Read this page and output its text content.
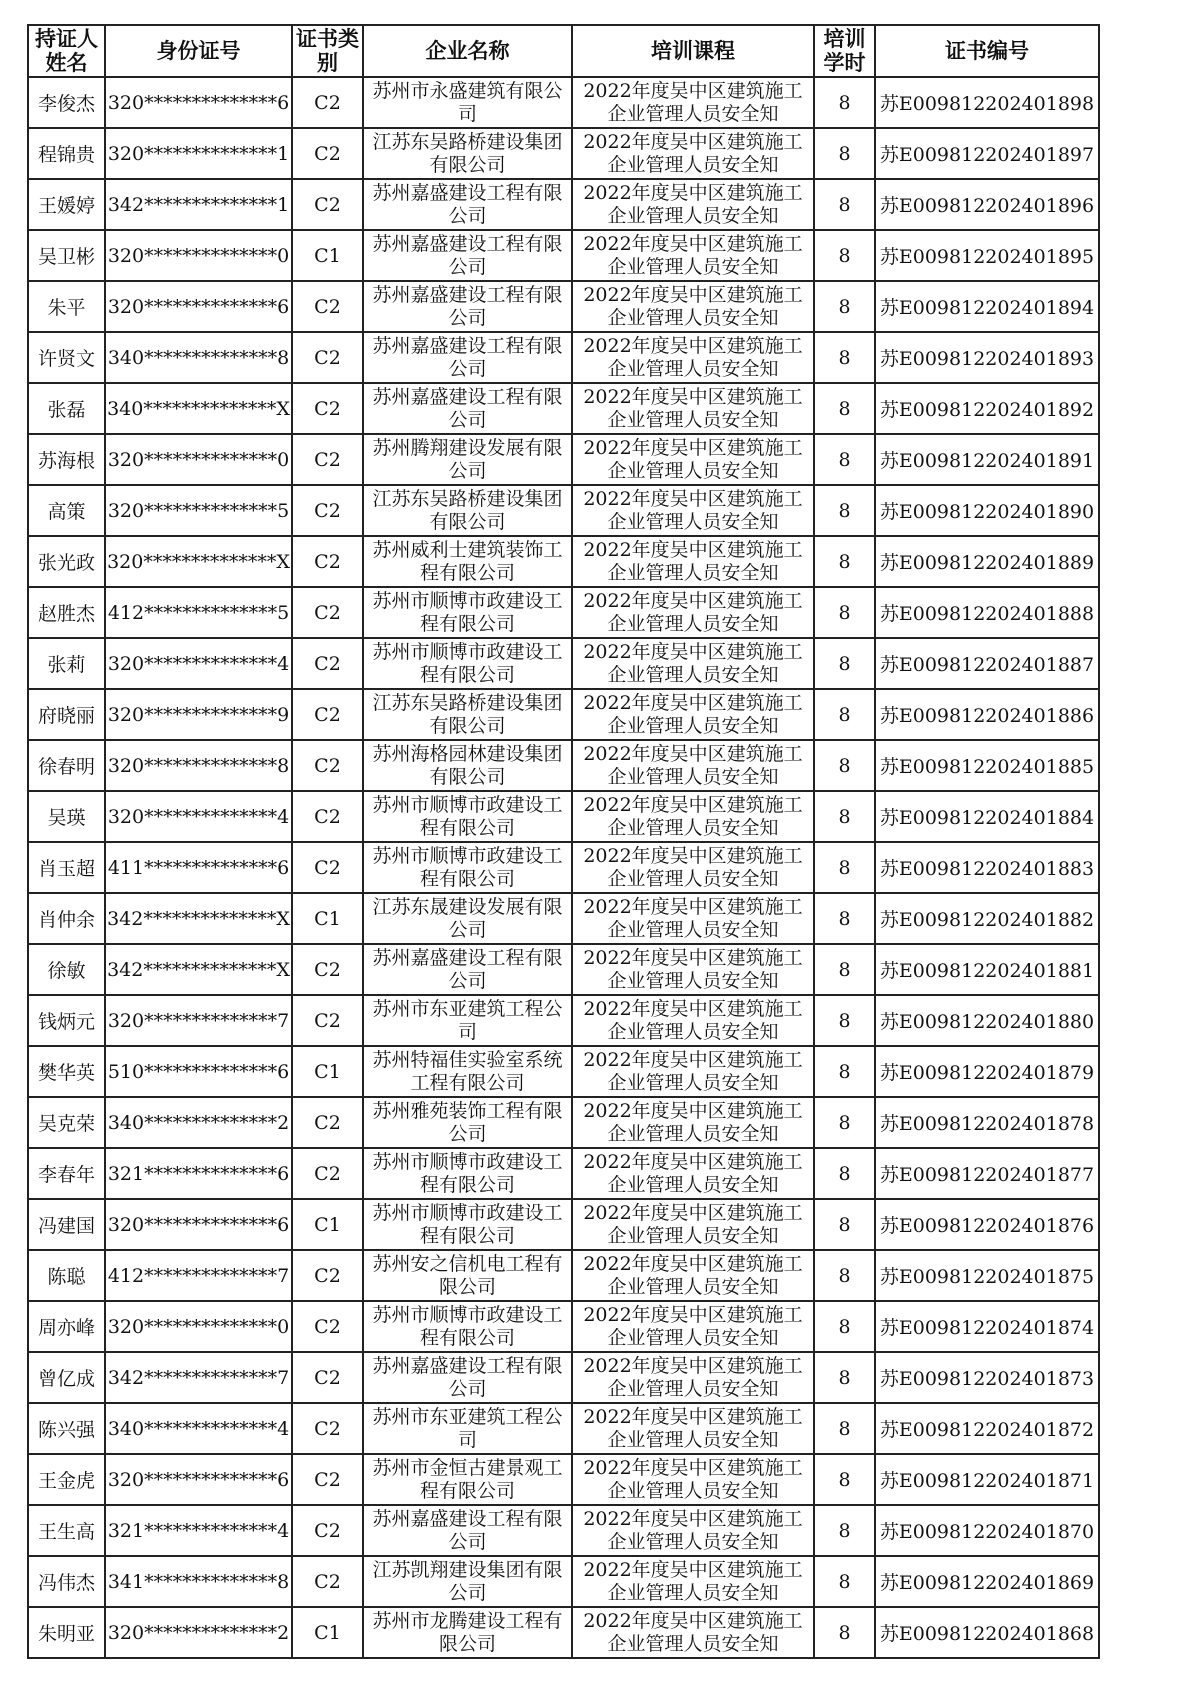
持证人姓名	身份证号	证书类别	企业名称	培训课程	培训学时	证书编号
李俊杰	320**************6	C2	苏州市永盛建筑有限公司	2022年度吴中区建筑施工企业管理人员安全知	8	苏E009812202401898
程锦贵	320**************1	C2	江苏东吴路桥建设集团有限公司	2022年度吴中区建筑施工企业管理人员安全知	8	苏E009812202401897
王媛婷	342**************1	C2	苏州嘉盛建设工程有限公司	2022年度吴中区建筑施工企业管理人员安全知	8	苏E009812202401896
吴卫彬	320**************0	C1	苏州嘉盛建设工程有限公司	2022年度吴中区建筑施工企业管理人员安全知	8	苏E009812202401895
朱平	320**************6	C2	苏州嘉盛建设工程有限公司	2022年度吴中区建筑施工企业管理人员安全知	8	苏E009812202401894
许贤文	340**************8	C2	苏州嘉盛建设工程有限公司	2022年度吴中区建筑施工企业管理人员安全知	8	苏E009812202401893
张磊	340**************X	C2	苏州嘉盛建设工程有限公司	2022年度吴中区建筑施工企业管理人员安全知	8	苏E009812202401892
苏海根	320**************0	C2	苏州腾翔建设发展有限公司	2022年度吴中区建筑施工企业管理人员安全知	8	苏E009812202401891
高策	320**************5	C2	江苏东吴路桥建设集团有限公司	2022年度吴中区建筑施工企业管理人员安全知	8	苏E009812202401890
张光政	320**************X	C2	苏州威利士建筑装饰工程有限公司	2022年度吴中区建筑施工企业管理人员安全知	8	苏E009812202401889
赵胜杰	412**************5	C2	苏州市顺博市政建设工程有限公司	2022年度吴中区建筑施工企业管理人员安全知	8	苏E009812202401888
张莉	320**************4	C2	苏州市顺博市政建设工程有限公司	2022年度吴中区建筑施工企业管理人员安全知	8	苏E009812202401887
府晓丽	320**************9	C2	江苏东吴路桥建设集团有限公司	2022年度吴中区建筑施工企业管理人员安全知	8	苏E009812202401886
徐春明	320**************8	C2	苏州海格园林建设集团有限公司	2022年度吴中区建筑施工企业管理人员安全知	8	苏E009812202401885
吴瑛	320**************4	C2	苏州市顺博市政建设工程有限公司	2022年度吴中区建筑施工企业管理人员安全知	8	苏E009812202401884
肖玉超	411**************6	C2	苏州市顺博市政建设工程有限公司	2022年度吴中区建筑施工企业管理人员安全知	8	苏E009812202401883
肖仲余	342**************X	C1	江苏东晟建设发展有限公司	2022年度吴中区建筑施工企业管理人员安全知	8	苏E009812202401882
徐敏	342**************X	C2	苏州嘉盛建设工程有限公司	2022年度吴中区建筑施工企业管理人员安全知	8	苏E009812202401881
钱炳元	320**************7	C2	苏州市东亚建筑工程公司	2022年度吴中区建筑施工企业管理人员安全知	8	苏E009812202401880
樊华英	510**************6	C1	苏州特福佳实验室系统工程有限公司	2022年度吴中区建筑施工企业管理人员安全知	8	苏E009812202401879
吴克荣	340**************2	C2	苏州雅苑装饰工程有限公司	2022年度吴中区建筑施工企业管理人员安全知	8	苏E009812202401878
李春年	321**************6	C2	苏州市顺博市政建设工程有限公司	2022年度吴中区建筑施工企业管理人员安全知	8	苏E009812202401877
冯建国	320**************6	C1	苏州市顺博市政建设工程有限公司	2022年度吴中区建筑施工企业管理人员安全知	8	苏E009812202401876
陈聪	412**************7	C2	苏州安之信机电工程有限公司	2022年度吴中区建筑施工企业管理人员安全知	8	苏E009812202401875
周亦峰	320**************0	C2	苏州市顺博市政建设工程有限公司	2022年度吴中区建筑施工企业管理人员安全知	8	苏E009812202401874
曾亿成	342**************7	C2	苏州嘉盛建设工程有限公司	2022年度吴中区建筑施工企业管理人员安全知	8	苏E009812202401873
陈兴强	340**************4	C2	苏州市东亚建筑工程公司	2022年度吴中区建筑施工企业管理人员安全知	8	苏E009812202401872
王金虎	320**************6	C2	苏州市金恒古建景观工程有限公司	2022年度吴中区建筑施工企业管理人员安全知	8	苏E009812202401871
王生高	321**************4	C2	苏州嘉盛建设工程有限公司	2022年度吴中区建筑施工企业管理人员安全知	8	苏E009812202401870
冯伟杰	341**************8	C2	江苏凯翔建设集团有限公司	2022年度吴中区建筑施工企业管理人员安全知	8	苏E009812202401869
朱明亚	320**************2	C1	苏州市龙腾建设工程有限公司	2022年度吴中区建筑施工企业管理人员安全知	8	苏E009812202401868
